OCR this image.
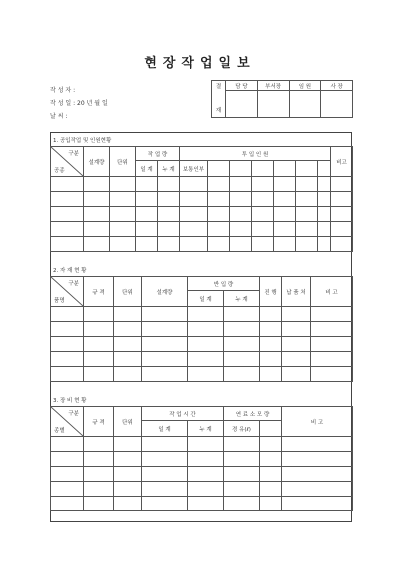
현장작업일보
작 성 자 :
작 성 일 : 20 년 월 일
날 씨 :
결

재	담 당	부서장	임 원	사 장

1. 공입작업 및 인원현황
구분
공종	설계량	단위	작 업 량		투 입 인 원							비고
			일 계	누 계	보통인부							

2. 자 재 현 황
구분
품명	규 격	단위	설계량	반 입 량		진 행	납 품 처	비 고
				일 계	누 계			

3. 장 비 현 황
구분
종별	규 격	단위	작 업 시 간		연 료 소 모 량		비 고
			일 계	누 계	경 유(ℓ)		
